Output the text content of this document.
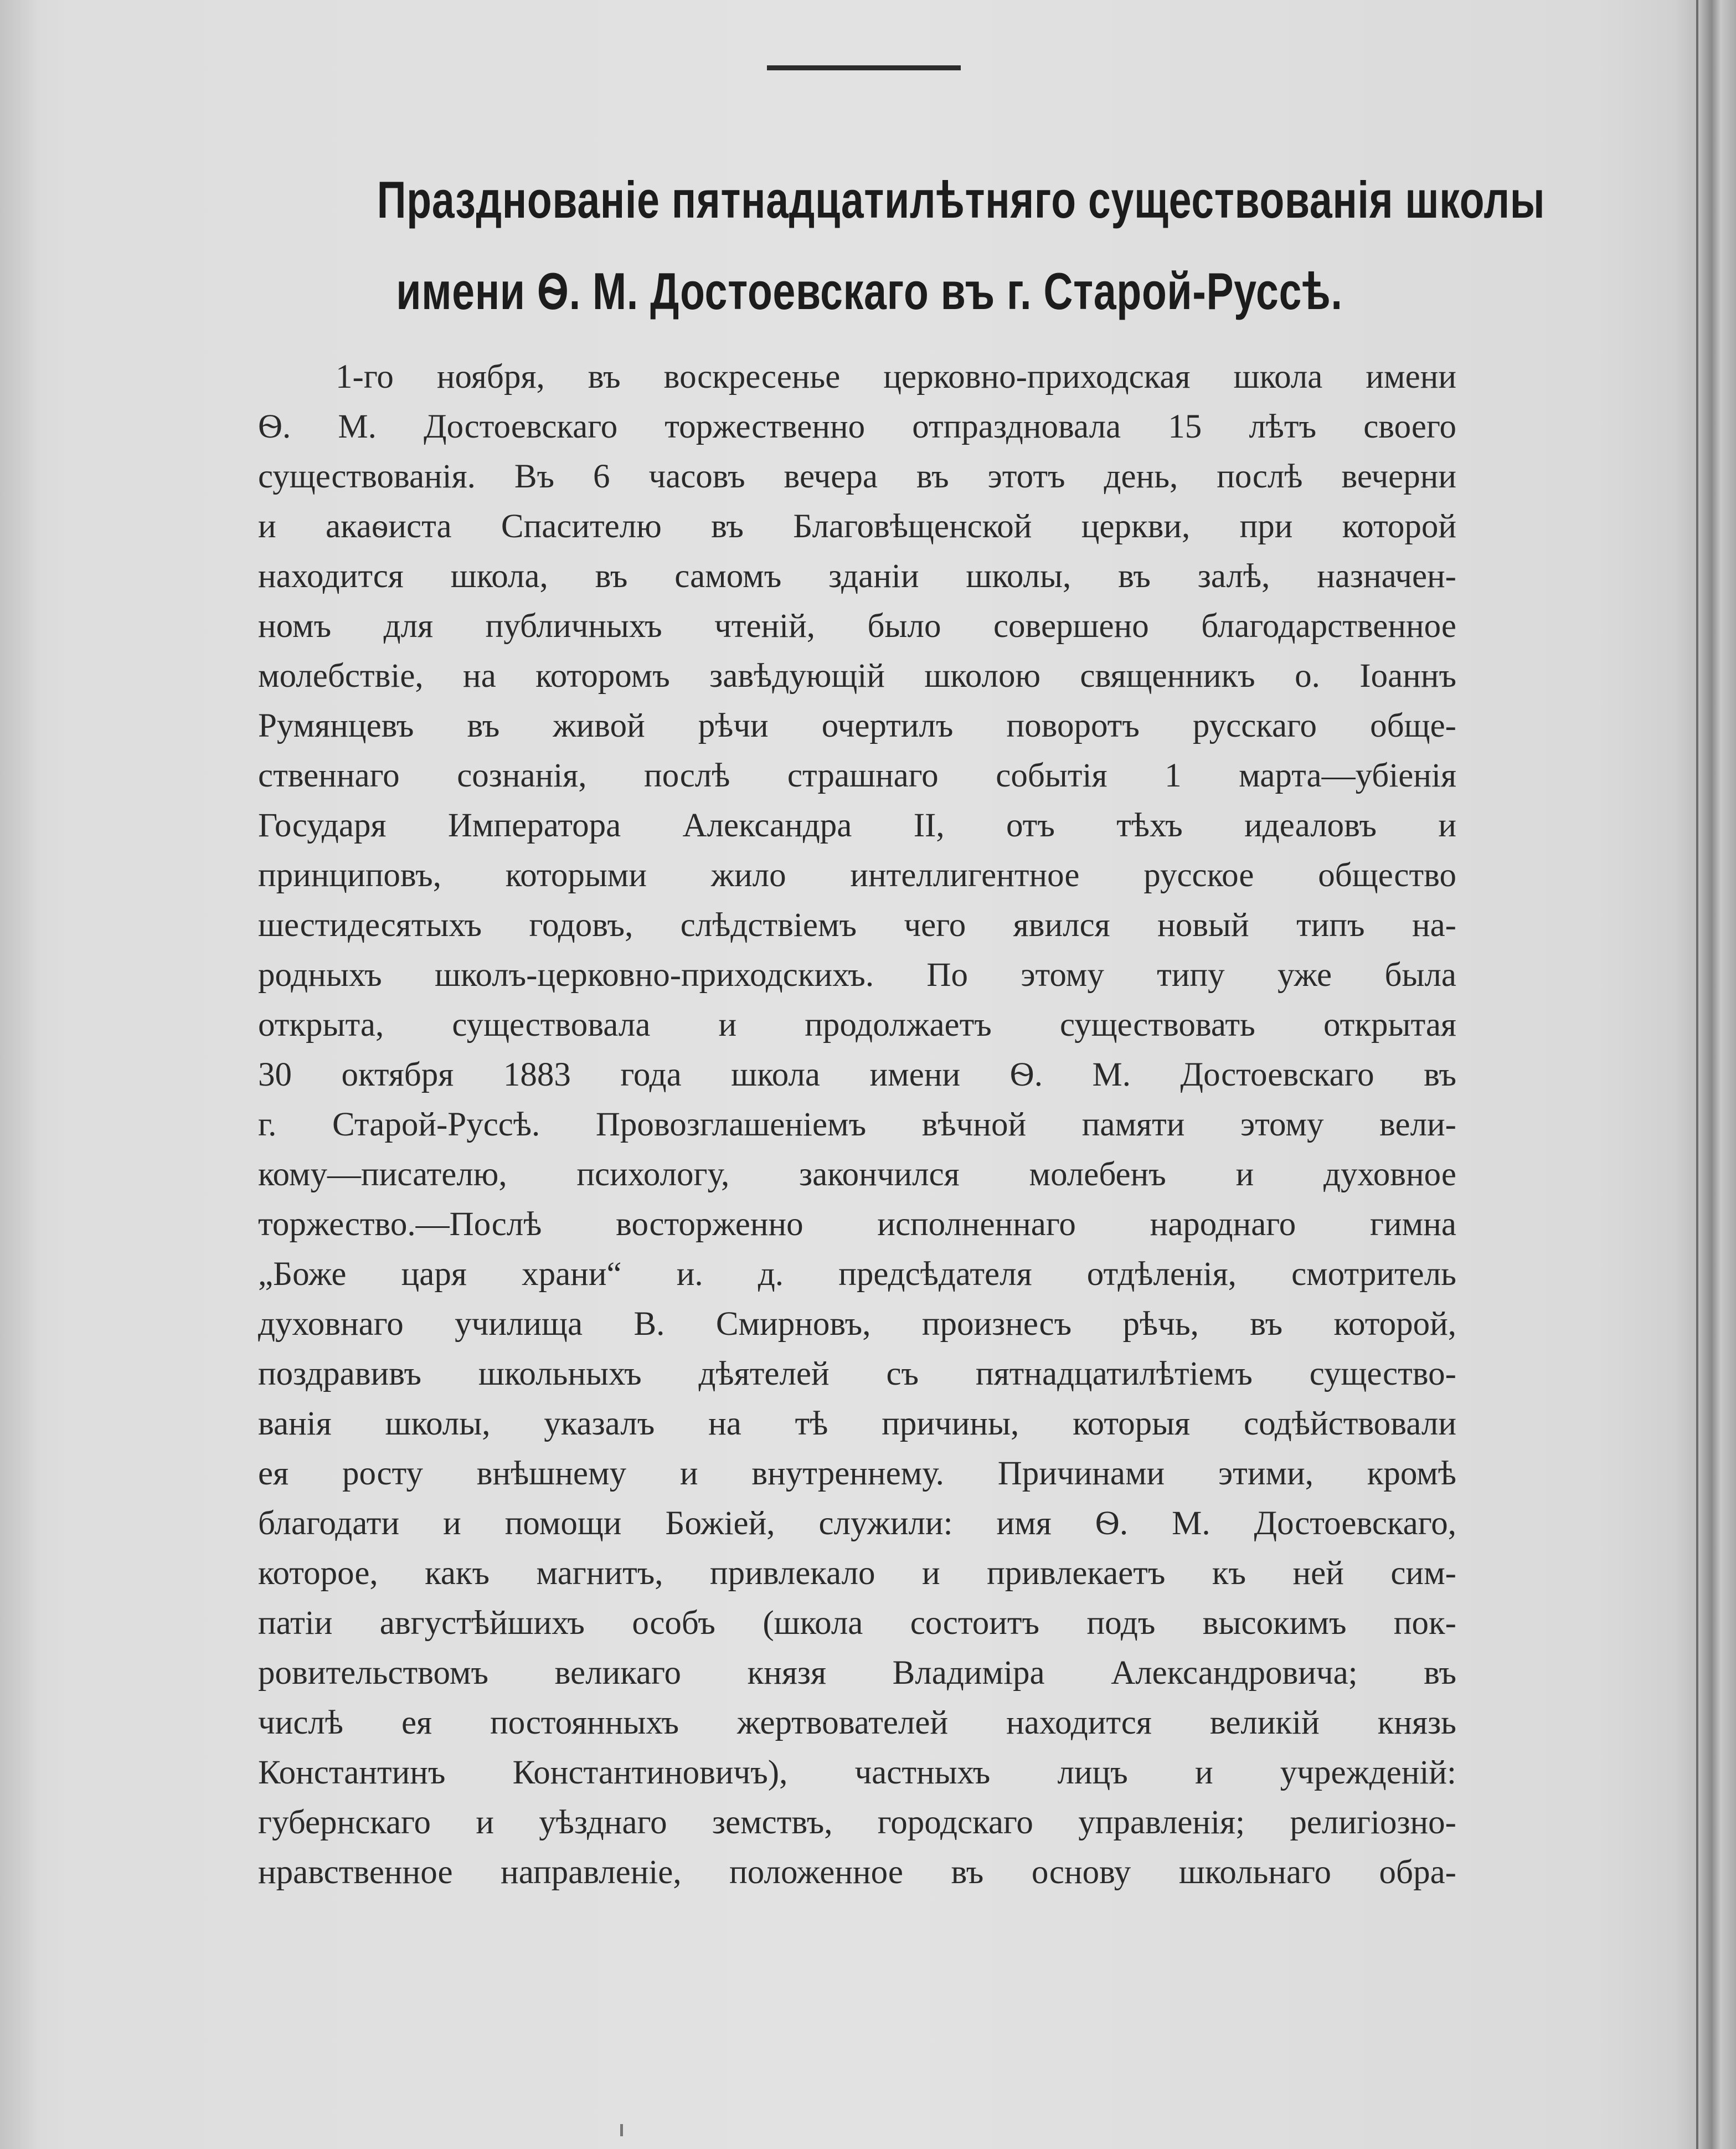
Празднованіе пятнадцатилѣтняго существованія школы
имени Ѳ. М. Достоевскаго въ г. Старой-Руссѣ.
1-го ноября, въ воскресенье церковно-приходская школа имени
Ѳ. М. Достоевскаго торжественно отпраздновала 15 лѣтъ своего
существованія. Въ 6 часовъ вечера въ этотъ день, послѣ вечерни
и акаѳиста Спасителю въ Благовѣщенской церкви, при которой
находится школа, въ самомъ зданіи школы, въ залѣ, назначен-
номъ для публичныхъ чтеній, было совершено благодарственное
молебствіе, на которомъ завѣдующій школою священникъ о. Іоаннъ
Румянцевъ въ живой рѣчи очертилъ поворотъ русскаго обще-
ственнаго сознанія, послѣ страшнаго событія 1 марта—убіенія
Государя Императора Александра II, отъ тѣхъ идеаловъ и
принциповъ, которыми жило интеллигентное русское общество
шестидесятыхъ годовъ, слѣдствіемъ чего явился новый типъ на-
родныхъ школъ-церковно-приходскихъ. По этому типу уже была
открыта, существовала и продолжаетъ существовать открытая
30 октября 1883 года школа имени Ѳ. М. Достоевскаго въ
г. Старой-Руссѣ. Провозглашеніемъ вѣчной памяти этому вели-
кому—писателю, психологу, закончился молебенъ и духовное
торжество.—Послѣ восторженно исполненнаго народнаго гимна
„Боже царя храни“ и. д. предсѣдателя отдѣленія, смотритель
духовнаго училища В. Смирновъ, произнесъ рѣчь, въ которой,
поздравивъ школьныхъ дѣятелей съ пятнадцатилѣтіемъ существо-
ванія школы, указалъ на тѣ причины, которыя содѣйствовали
ея росту внѣшнему и внутреннему. Причинами этими, кромѣ
благодати и помощи Божіей, служили: имя Ѳ. М. Достоевскаго,
которое, какъ магнитъ, привлекало и привлекаетъ къ ней сим-
патіи августѣйшихъ особъ (школа состоитъ подъ высокимъ пок-
ровительствомъ великаго князя Владиміра Александровича; въ
числѣ ея постоянныхъ жертвователей находится великій князь
Константинъ Константиновичъ), частныхъ лицъ и учрежденій:
губернскаго и уѣзднаго земствъ, городскаго управленія; религіозно-
нравственное направленіе, положенное въ основу школьнаго обра-
